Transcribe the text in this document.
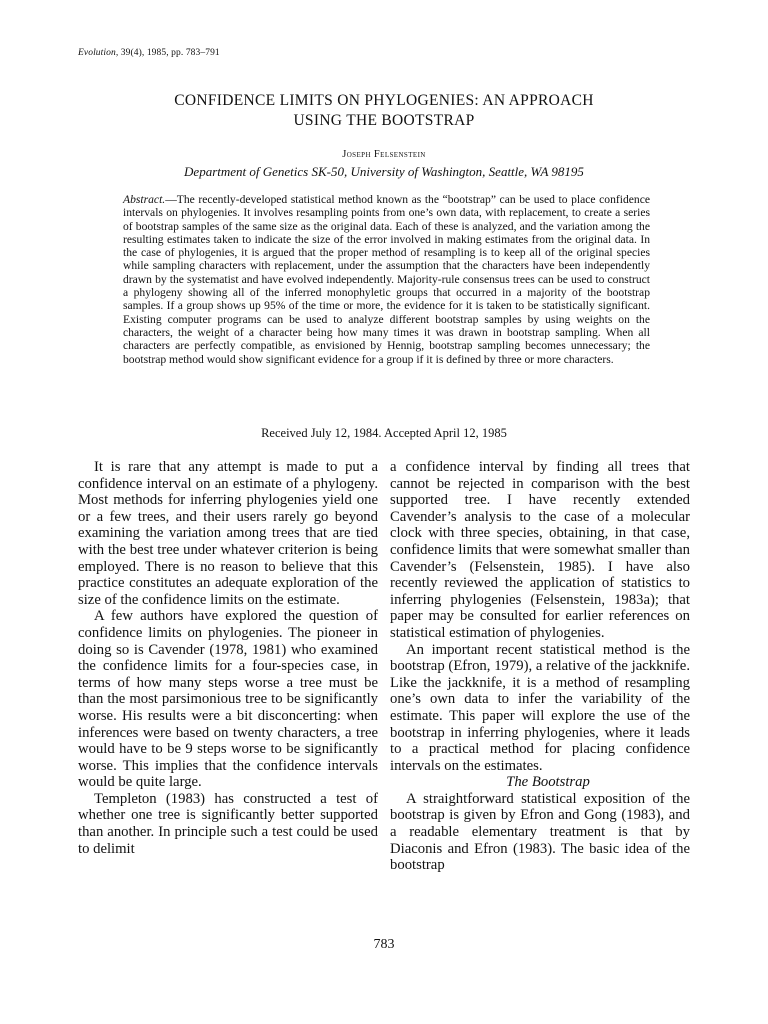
Evolution, 39(4), 1985, pp. 783–791
CONFIDENCE LIMITS ON PHYLOGENIES: AN APPROACH
USING THE BOOTSTRAP
Joseph Felsenstein
Department of Genetics SK-50, University of Washington, Seattle, WA 98195
Abstract.—The recently-developed statistical method known as the “bootstrap” can be used to place confidence intervals on phylogenies. It involves resampling points from one’s own data, with replacement, to create a series of bootstrap samples of the same size as the original data. Each of these is analyzed, and the variation among the resulting estimates taken to indicate the size of the error involved in making estimates from the original data. In the case of phylogenies, it is argued that the proper method of resampling is to keep all of the original species while sampling characters with replacement, under the assumption that the characters have been independently drawn by the systematist and have evolved independently. Majority-rule consensus trees can be used to construct a phylogeny showing all of the inferred monophyletic groups that occurred in a majority of the bootstrap samples. If a group shows up 95% of the time or more, the evidence for it is taken to be statistically significant. Existing computer programs can be used to analyze different bootstrap samples by using weights on the characters, the weight of a character being how many times it was drawn in bootstrap sampling. When all characters are perfectly compatible, as envisioned by Hennig, bootstrap sampling becomes unnecessary; the bootstrap method would show significant evidence for a group if it is defined by three or more characters.
Received July 12, 1984. Accepted April 12, 1985

It is rare that any attempt is made to put a confidence interval on an estimate of a phylogeny. Most methods for inferring phylogenies yield one or a few trees, and their users rarely go beyond examining the variation among trees that are tied with the best tree under whatever criterion is being employed. There is no reason to believe that this practice constitutes an adequate exploration of the size of the confidence limits on the estimate.

A few authors have explored the question of confidence limits on phylogenies. The pioneer in doing so is Cavender (1978, 1981) who examined the confidence limits for a four-species case, in terms of how many steps worse a tree must be than the most parsimonious tree to be significantly worse. His results were a bit disconcerting: when inferences were based on twenty characters, a tree would have to be 9 steps worse to be significantly worse. This implies that the confidence intervals would be quite large.

Templeton (1983) has constructed a test of whether one tree is significantly better supported than another. In principle such a test could be used to delimit

a confidence interval by finding all trees that cannot be rejected in comparison with the best supported tree. I have recently extended Cavender’s analysis to the case of a molecular clock with three species, obtaining, in that case, confidence limits that were somewhat smaller than Cavender’s (Felsenstein, 1985). I have also recently reviewed the application of statistics to inferring phylogenies (Felsenstein, 1983a); that paper may be consulted for earlier references on statistical estimation of phylogenies.

An important recent statistical method is the bootstrap (Efron, 1979), a relative of the jackknife. Like the jackknife, it is a method of resampling one’s own data to infer the variability of the estimate. This paper will explore the use of the bootstrap in inferring phylogenies, where it leads to a practical method for placing confidence intervals on the estimates.

The Bootstrap

A straightforward statistical exposition of the bootstrap is given by Efron and Gong (1983), and a readable elementary treatment is that by Diaconis and Efron (1983). The basic idea of the bootstrap

783
